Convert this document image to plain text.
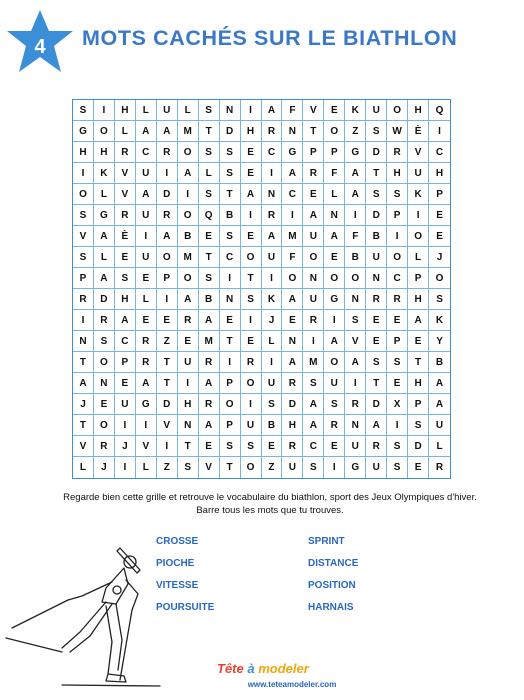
4 MOTS CACHÉS SUR LE BIATHLON
S	I	H	L	U	L	S	N	I	A	F	V	E	K	U	O	H	Q
G	O	L	A	A	M	T	D	H	R	N	T	O	Z	S	W	È	I
H	H	R	C	R	O	S	S	E	C	G	P	P	G	D	R	V	C
I	K	V	U	I	A	L	S	E	I	A	R	F	A	T	H	U	H
O	L	V	A	D	I	S	T	A	N	C	E	L	A	S	S	K	P
S	G	R	U	R	O	Q	B	I	R	I	A	N	I	D	P	I	E
V	A	È	I	A	B	E	S	E	A	M	U	A	F	B	I	O	E
S	L	E	U	O	M	T	C	O	U	F	O	E	B	U	O	L	J
P	A	S	E	P	O	S	I	T	I	O	N	O	O	N	C	P	O
R	D	H	L	I	A	B	N	S	K	A	U	G	N	R	R	H	S
I	R	A	E	E	R	A	E	I	J	E	R	I	S	E	E	A	K
N	S	C	R	Z	E	M	T	E	L	N	I	A	V	E	P	E	Y
T	O	P	R	T	U	R	I	R	I	A	M	O	A	S	S	T	B
A	N	E	A	T	I	A	P	O	U	R	S	U	I	T	E	H	A
J	E	U	G	D	H	R	O	I	S	D	A	S	R	D	X	P	A
T	O	I	I	V	N	A	P	U	B	H	A	R	N	A	I	S	U
V	R	J	V	I	T	E	S	S	E	R	C	E	U	R	S	D	L
L	J	I	L	Z	S	V	T	O	Z	U	S	I	G	U	S	E	R
Regarde bien cette grille et retrouve le vocabulaire du biathlon, sport des Jeux Olympiques d'hiver.
Barre tous les mots que tu trouves.
CROSSE
PIOCHE
VITESSE
POURSUITE
SPRINT
DISTANCE
POSITION
HARNAIS
Tête à modeler
www.teteamodeler.com
